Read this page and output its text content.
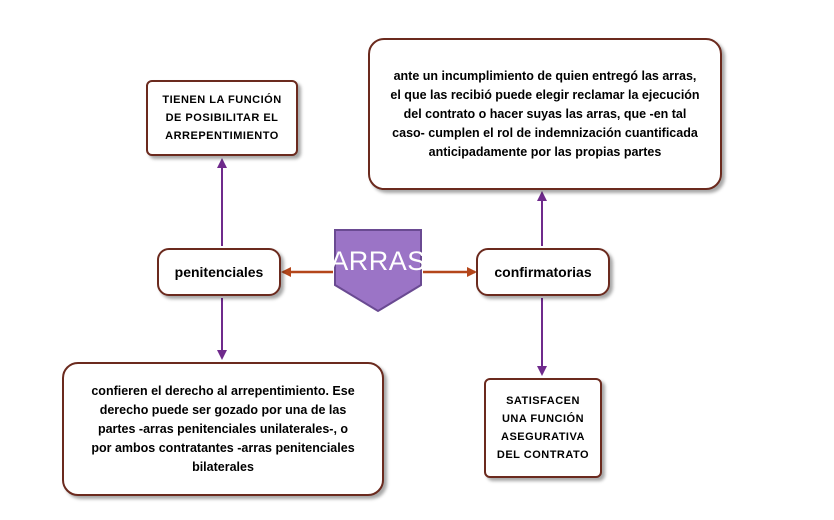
ARRAS
TIENEN LA FUNCIÓN
DE POSIBILITAR EL
ARREPENTIMIENTO
penitenciales	confirmatorias
ante un incumplimiento de quien entregó las arras,
el que las recibió puede elegir reclamar la ejecución
del contrato o hacer suyas las arras, que -en tal
caso- cumplen el rol de indemnización cuantificada
anticipadamente por las propias partes
confieren el derecho al arrepentimiento. Ese
derecho puede ser gozado por una de las
partes -arras penitenciales unilaterales-, o
por ambos contratantes -arras penitenciales
bilaterales
SATISFACEN
UNA FUNCIÓN
ASEGURATIVA
DEL CONTRATO
